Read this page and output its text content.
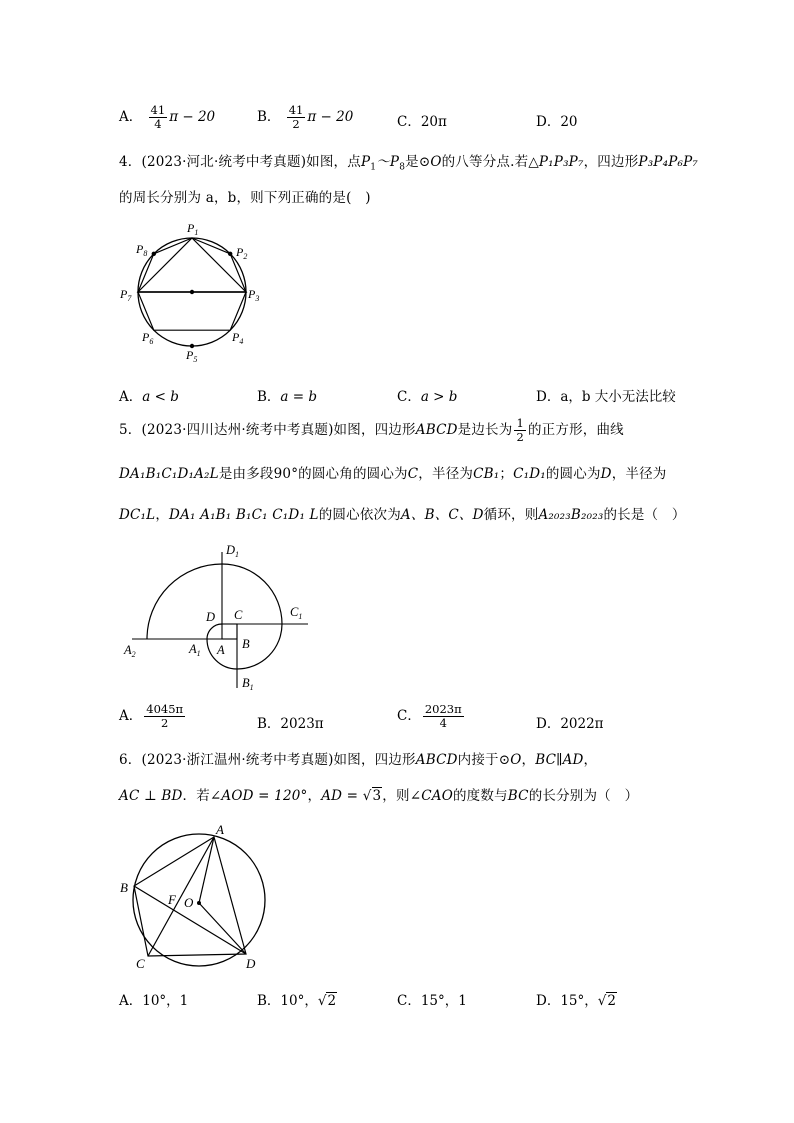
A． $\frac{41}{4}$ π − 20	B． $\frac{41}{2}$ π − 20	C．20π	D．20
4．(2023·河北·统考中考真题)如图，点$P_1\sim P_8$是⊙O的八等分点.若△P₁P₃P₇，四边形P₃P₄P₆P₇
的周长分别为 a，b，则下列正确的是(　)
$P_1$
$P_2$
$P_3$
$P_4$
$P_5$
$P_6$
$P_7$
$P_8$
A．a < b	B．a = b	C．a > b	D．a，b 大小无法比较
5．(2023·四川达州·统考中考真题)如图，四边形ABCD是边长为 $\frac{1}{2}$ 的正方形，曲线
DA₁B₁C₁D₁A₂L是由多段90°的圆心角的圆心为C，半径为CB₁；C₁D₁的圆心为D，半径为
DC₁L，DA₁ A₁B₁ B₁C₁ C₁D₁ L的圆心依次为A、B、C、D循环，则A₂₀₂₃B₂₀₂₃的长是（　）
$D_1$
$C_1$
D C
$A_2$	$A_1$ A B
$B_1$
A． $\frac{4045\pi}{2}$	B．2023π	C． $\frac{2023\pi}{4}$	D．2022π
6．(2023·浙江温州·统考中考真题)如图，四边形ABCD内接于⊙O，BC∥AD，
AC ⊥ BD．若∠AOD = 120°，AD = √3，则∠CAO的度数与BC的长分别为（　）
A
B
C	D
F O
A．10°，1	B．10°，√2	C．15°，1	D．15°，√2
